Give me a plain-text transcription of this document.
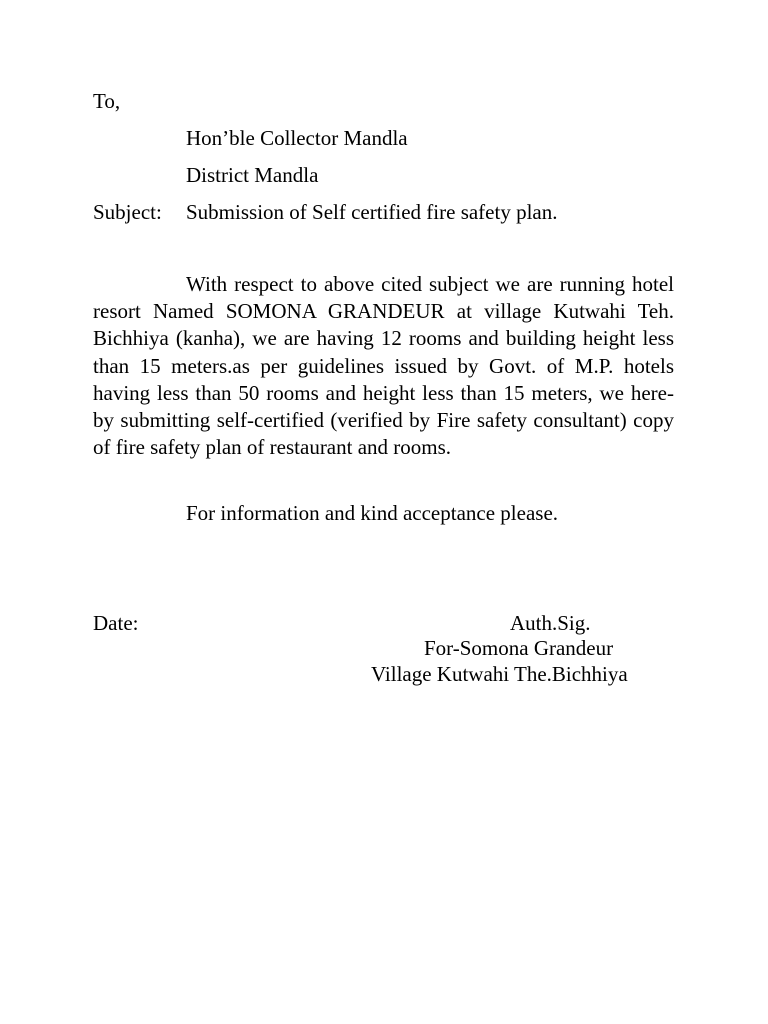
To,
Hon’ble Collector Mandla
District Mandla
Subject: Submission of Self certified fire safety plan.

With respect to above cited subject we are running hotel resort Named SOMONA GRANDEUR at village Kutwahi Teh. Bichhiya (kanha), we are having 12 rooms and building height less than 15 meters.as per guidelines issued by Govt. of M.P. hotels having less than 50 rooms and height less than 15 meters, we here-by submitting self-certified (verified by Fire safety consultant) copy of fire safety plan of restaurant and rooms.

For information and kind acceptance please.
Date:	Auth.Sig.
For-Somona Grandeur
Village Kutwahi The.Bichhiya
